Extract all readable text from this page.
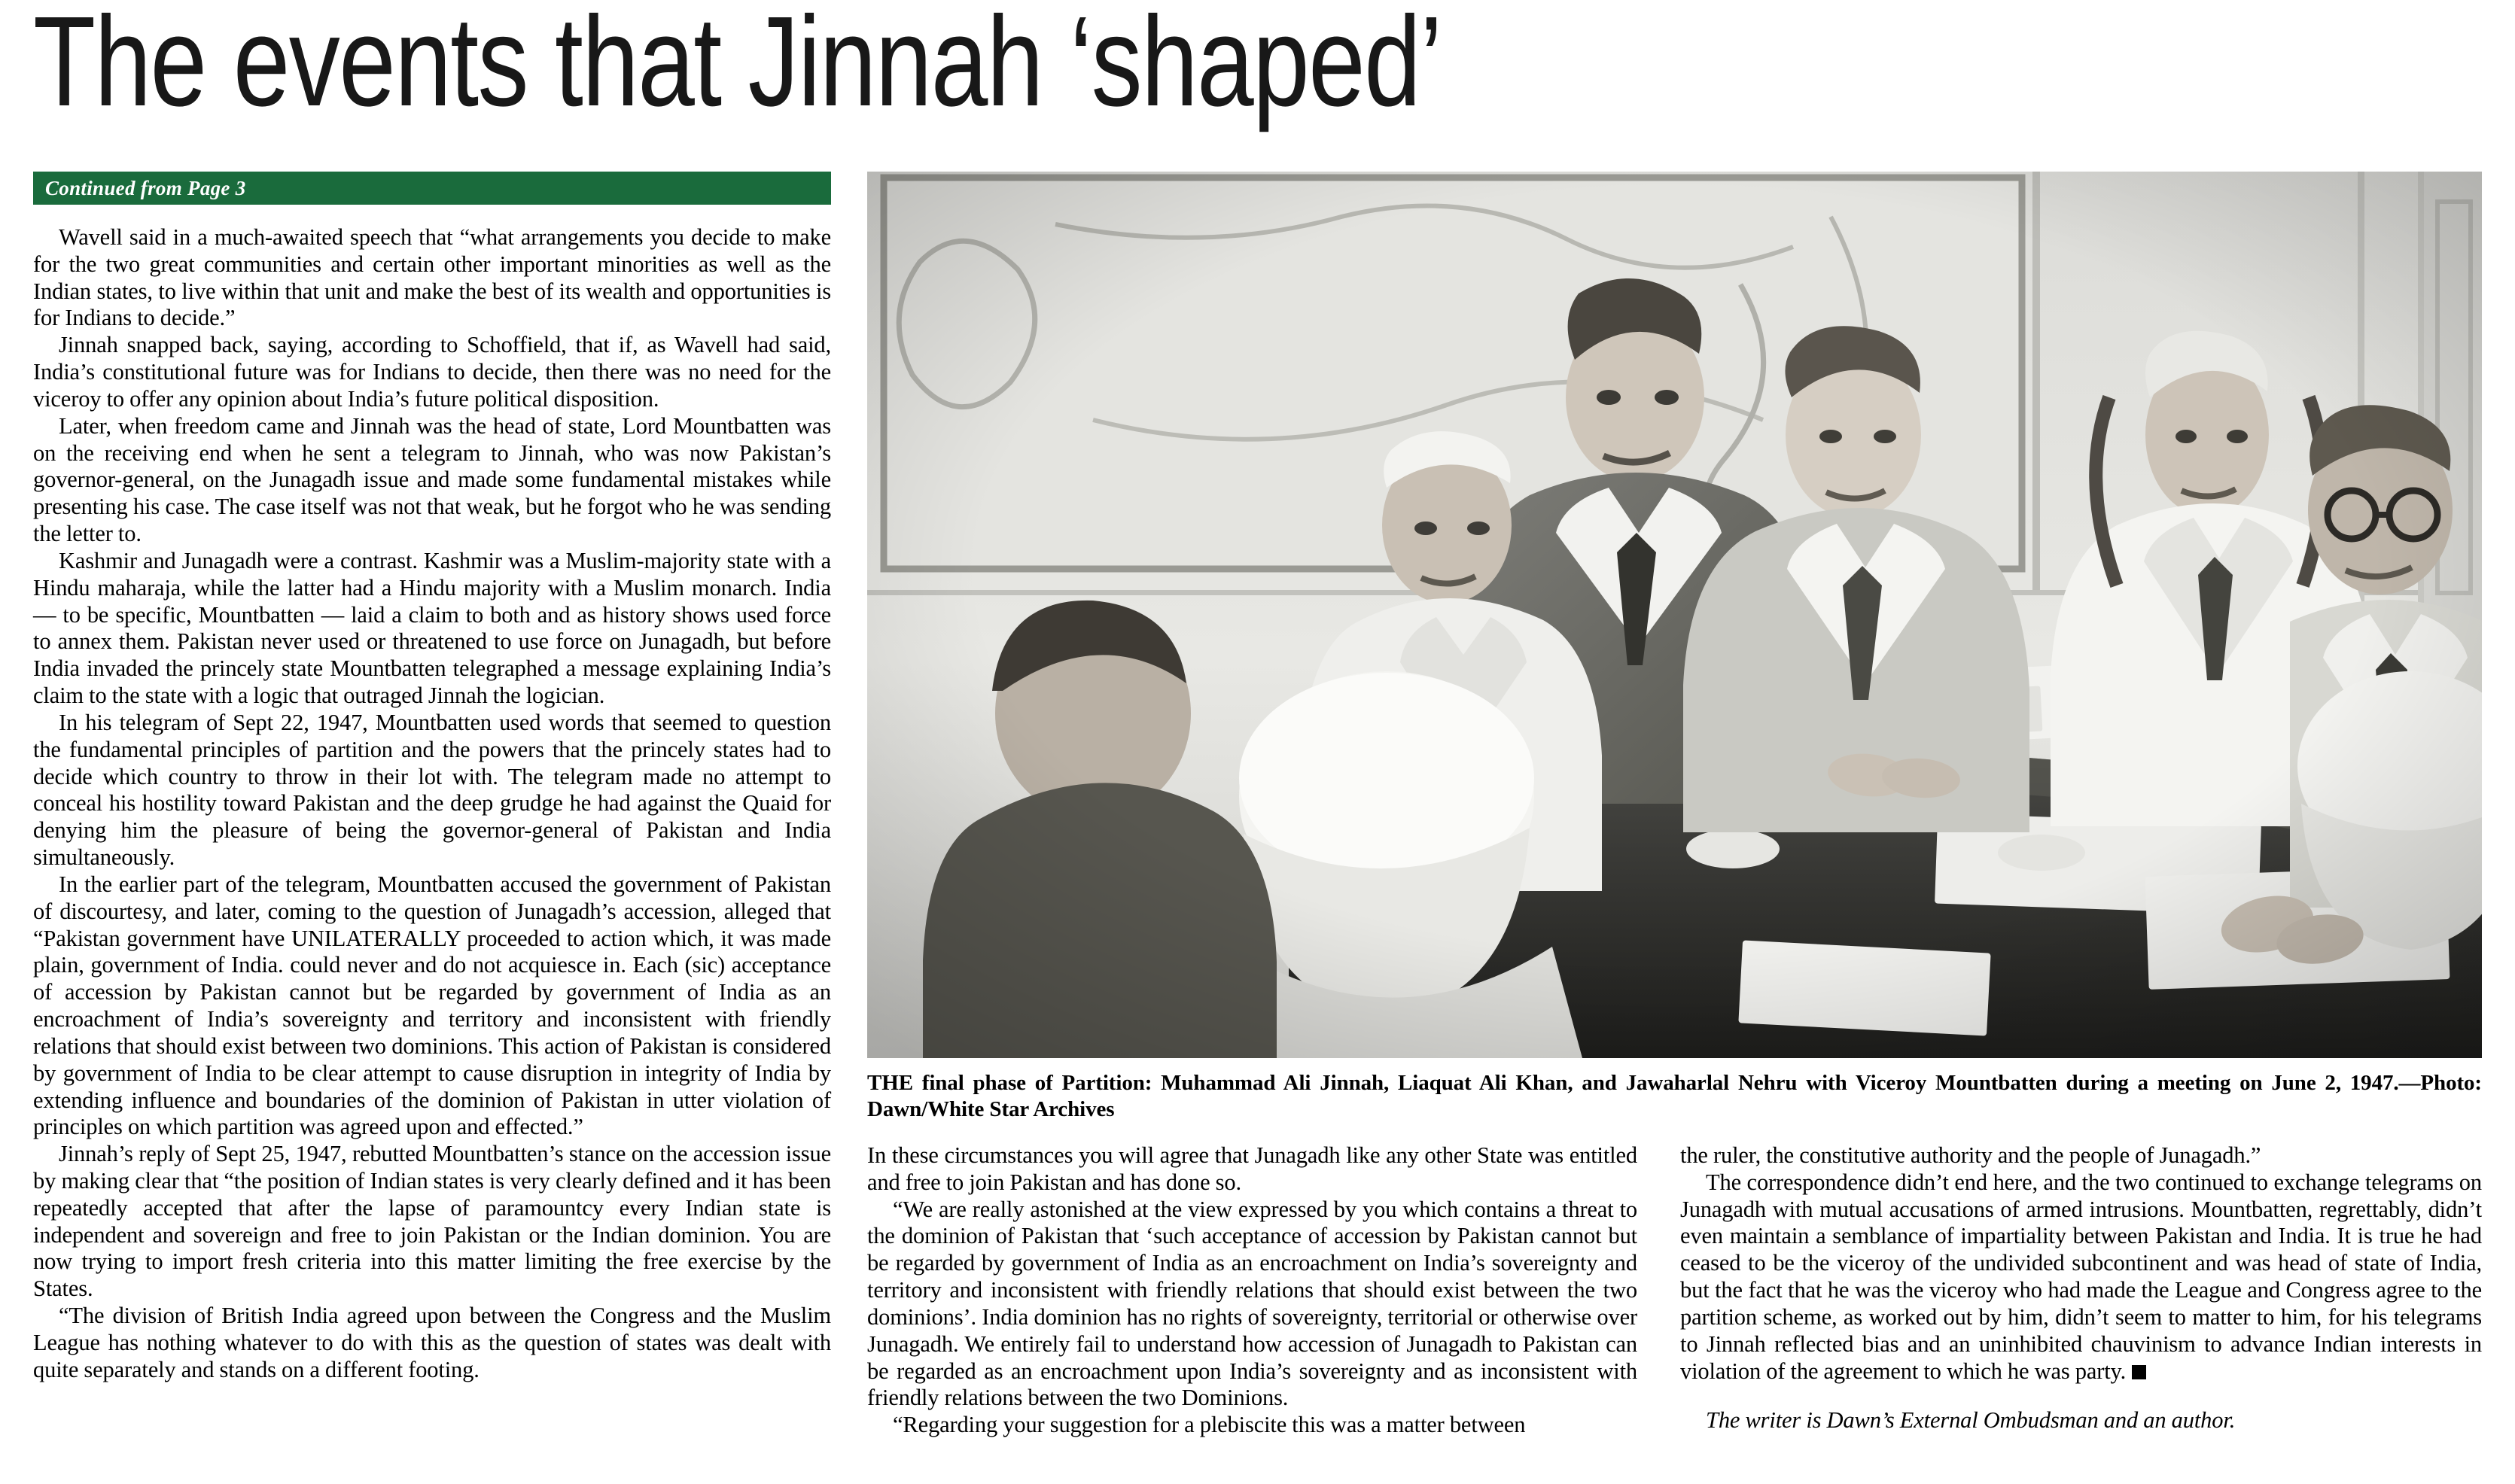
The events that Jinnah ‘shaped’
Continued from Page 3

Wavell said in a much-awaited speech that “what arrangements you decide to make for the two great communities and certain other important minorities as well as the Indian states, to live within that unit and make the best of its wealth and opportunities is for Indians to decide.”

Jinnah snapped back, saying, according to Schoffield, that if, as Wavell had said, India’s constitutional future was for Indians to decide, then there was no need for the viceroy to offer any opinion about India’s future political disposition.

Later, when freedom came and Jinnah was the head of state, Lord Mountbatten was on the receiving end when he sent a telegram to Jinnah, who was now Pakistan’s governor-general, on the Junagadh issue and made some fundamental mistakes while presenting his case. The case itself was not that weak, but he forgot who he was sending the letter to.

Kashmir and Junagadh were a contrast. Kashmir was a Muslim-majority state with a Hindu maharaja, while the latter had a Hindu majority with a Muslim monarch. India — to be specific, Mountbatten — laid a claim to both and as history shows used force to annex them. Pakistan never used or threatened to use force on Junagadh, but before India invaded the princely state Mountbatten telegraphed a message explaining India’s claim to the state with a logic that outraged Jinnah the logician.

In his telegram of Sept 22, 1947, Mountbatten used words that seemed to question the fundamental principles of partition and the powers that the princely states had to decide which country to throw in their lot with. The telegram made no attempt to conceal his hostility toward Pakistan and the deep grudge he had against the Quaid for denying him the pleasure of being the governor-general of Pakistan and India simultaneously.

In the earlier part of the telegram, Mountbatten accused the government of Pakistan of discourtesy, and later, coming to the question of Junagadh’s accession, alleged that “Pakistan government have UNILATERALLY proceeded to action which, it was made plain, government of India. could never and do not acquiesce in. Each (sic) acceptance of accession by Pakistan cannot but be regarded by government of India as an encroachment of India’s sovereignty and territory and inconsistent with friendly relations that should exist between two dominions. This action of Pakistan is considered by government of India to be clear attempt to cause disruption in integrity of India by extending influence and boundaries of the dominion of Pakistan in utter violation of principles on which partition was agreed upon and effected.”

Jinnah’s reply of Sept 25, 1947, rebutted Mountbatten’s stance on the accession issue by making clear that “the position of Indian states is very clearly defined and it has been repeatedly accepted that after the lapse of paramountcy every Indian state is independent and sovereign and free to join Pakistan or the Indian dominion. You are now trying to import fresh criteria into this matter limiting the free exercise by the States.

“The division of British India agreed upon between the Congress and the Muslim League has nothing whatever to do with this as the question of states was dealt with quite separately and stands on a different footing.

THE final phase of Partition: Muhammad Ali Jinnah, Liaquat Ali Khan, and Jawaharlal Nehru with Viceroy Mountbatten during a meeting on June 2, 1947.—Photo: Dawn/White Star Archives

In these circumstances you will agree that Junagadh like any other State was entitled and free to join Pakistan and has done so.

“We are really astonished at the view expressed by you which contains a threat to the dominion of Pakistan that ‘such acceptance of accession by Pakistan cannot but be regarded by government of India as an encroachment on India’s sovereignty and territory and inconsistent with friendly relations that should exist between the two dominions’. India dominion has no rights of sovereignty, territorial or otherwise over Junagadh. We entirely fail to understand how accession of Junagadh to Pakistan can be regarded as an encroachment upon India’s sovereignty and as inconsistent with friendly relations between the two Dominions.

“Regarding your suggestion for a plebiscite this was a matter between

the ruler, the constitutive authority and the people of Junagadh.”

The correspondence didn’t end here, and the two continued to exchange telegrams on Junagadh with mutual accusations of armed intrusions. Mountbatten, regrettably, didn’t even maintain a semblance of impartiality between Pakistan and India. It is true he had ceased to be the viceroy of the undivided subcontinent and was head of state of India, but the fact that he was the viceroy who had made the League and Congress agree to the partition scheme, as worked out by him, didn’t seem to matter to him, for his telegrams to Jinnah reflected bias and an uninhibited chauvinism to advance Indian interests in violation of the agreement to which he was party.

The writer is Dawn’s External Ombudsman and an author.
